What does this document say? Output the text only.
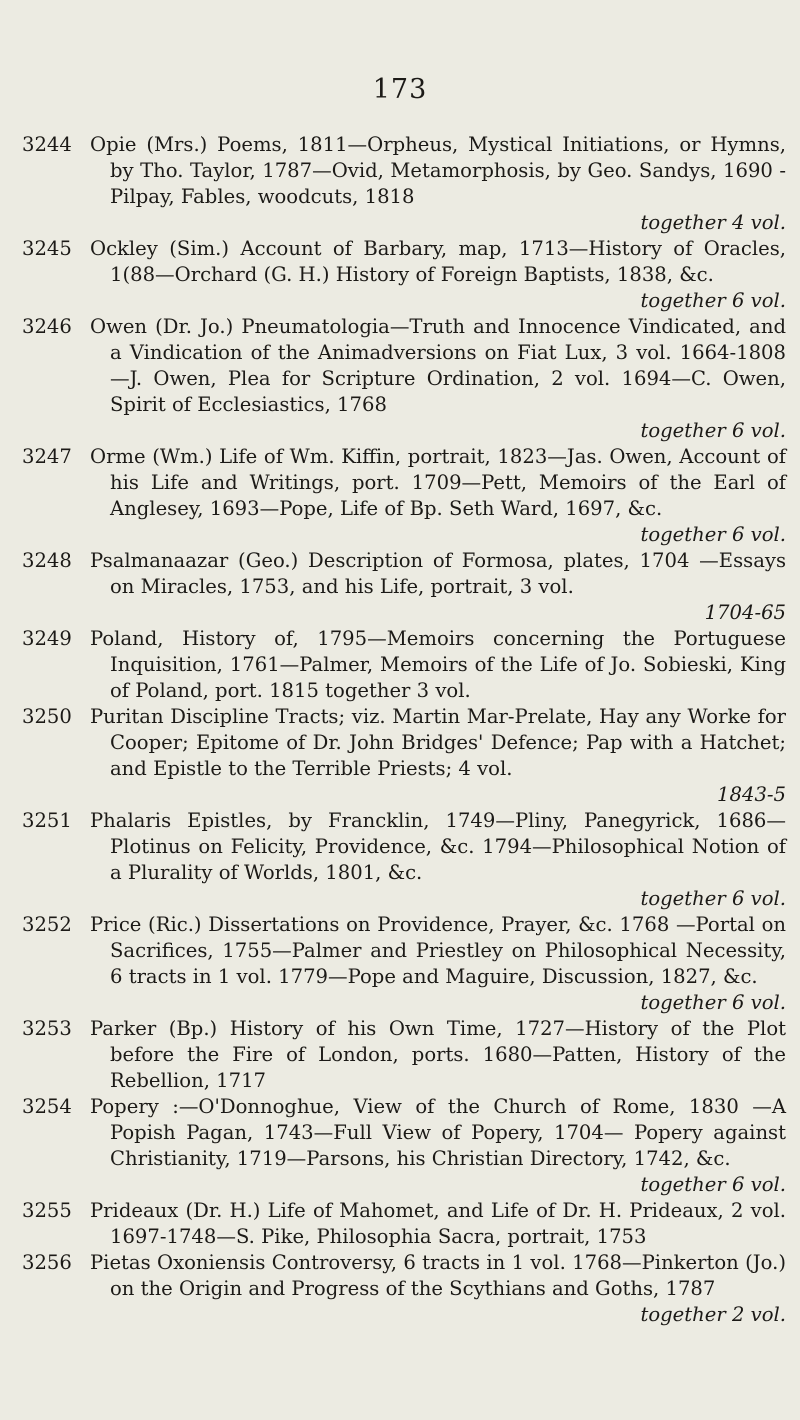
173
3244 Opie (Mrs.) Poems, 1811—Orpheus, Mystical Initiations, or Hymns, by Tho. Taylor, 1787—Ovid, Metamorphosis, by Geo. Sandys, 1690 - Pilpay, Fables, woodcuts, 1818
together 4 vol.
3245 Ockley (Sim.) Account of Barbary, map, 1713—History of Oracles, 1(88—Orchard (G. H.) History of Foreign Baptists, 1838, &c.
together 6 vol.
3246 Owen (Dr. Jo.) Pneumatologia—Truth and Innocence Vindicated, and a Vindication of the Animadversions on Fiat Lux, 3 vol. 1664-1808—J. Owen, Plea for Scripture Ordination, 2 vol. 1694—C. Owen, Spirit of Ecclesiastics, 1768
together 6 vol.
3247 Orme (Wm.) Life of Wm. Kiffin, portrait, 1823—Jas. Owen, Account of his Life and Writings, port. 1709—Pett, Memoirs of the Earl of Anglesey, 1693—Pope, Life of Bp. Seth Ward, 1697, &c.
together 6 vol.
3248 Psalmanaazar (Geo.) Description of Formosa, plates, 1704 —Essays on Miracles, 1753, and his Life, portrait, 3 vol.
1704-65
3249 Poland, History of, 1795—Memoirs concerning the Portuguese Inquisition, 1761—Palmer, Memoirs of the Life of Jo. Sobieski, King of Poland, port. 1815 together 3 vol.
3250 Puritan Discipline Tracts; viz. Martin Mar-Prelate, Hay any Worke for Cooper; Epitome of Dr. John Bridges' Defence; Pap with a Hatchet; and Epistle to the Terrible Priests; 4 vol.
1843-5
3251 Phalaris Epistles, by Francklin, 1749—Pliny, Panegyrick, 1686—Plotinus on Felicity, Providence, &c. 1794—Philosophical Notion of a Plurality of Worlds, 1801, &c.
together 6 vol.
3252 Price (Ric.) Dissertations on Providence, Prayer, &c. 1768 —Portal on Sacrifices, 1755—Palmer and Priestley on Philosophical Necessity, 6 tracts in 1 vol. 1779—Pope and Maguire, Discussion, 1827, &c.
together 6 vol.
3253 Parker (Bp.) History of his Own Time, 1727—History of the Plot before the Fire of London, ports. 1680—Patten, History of the Rebellion, 1717
3254 Popery :—O'Donnoghue, View of the Church of Rome, 1830 —A Popish Pagan, 1743—Full View of Popery, 1704— Popery against Christianity, 1719—Parsons, his Christian Directory, 1742, &c.
together 6 vol.
3255 Prideaux (Dr. H.) Life of Mahomet, and Life of Dr. H. Prideaux, 2 vol. 1697-1748—S. Pike, Philosophia Sacra, portrait, 1753
3256 Pietas Oxoniensis Controversy, 6 tracts in 1 vol. 1768—Pinkerton (Jo.) on the Origin and Progress of the Scythians and Goths, 1787
together 2 vol.
